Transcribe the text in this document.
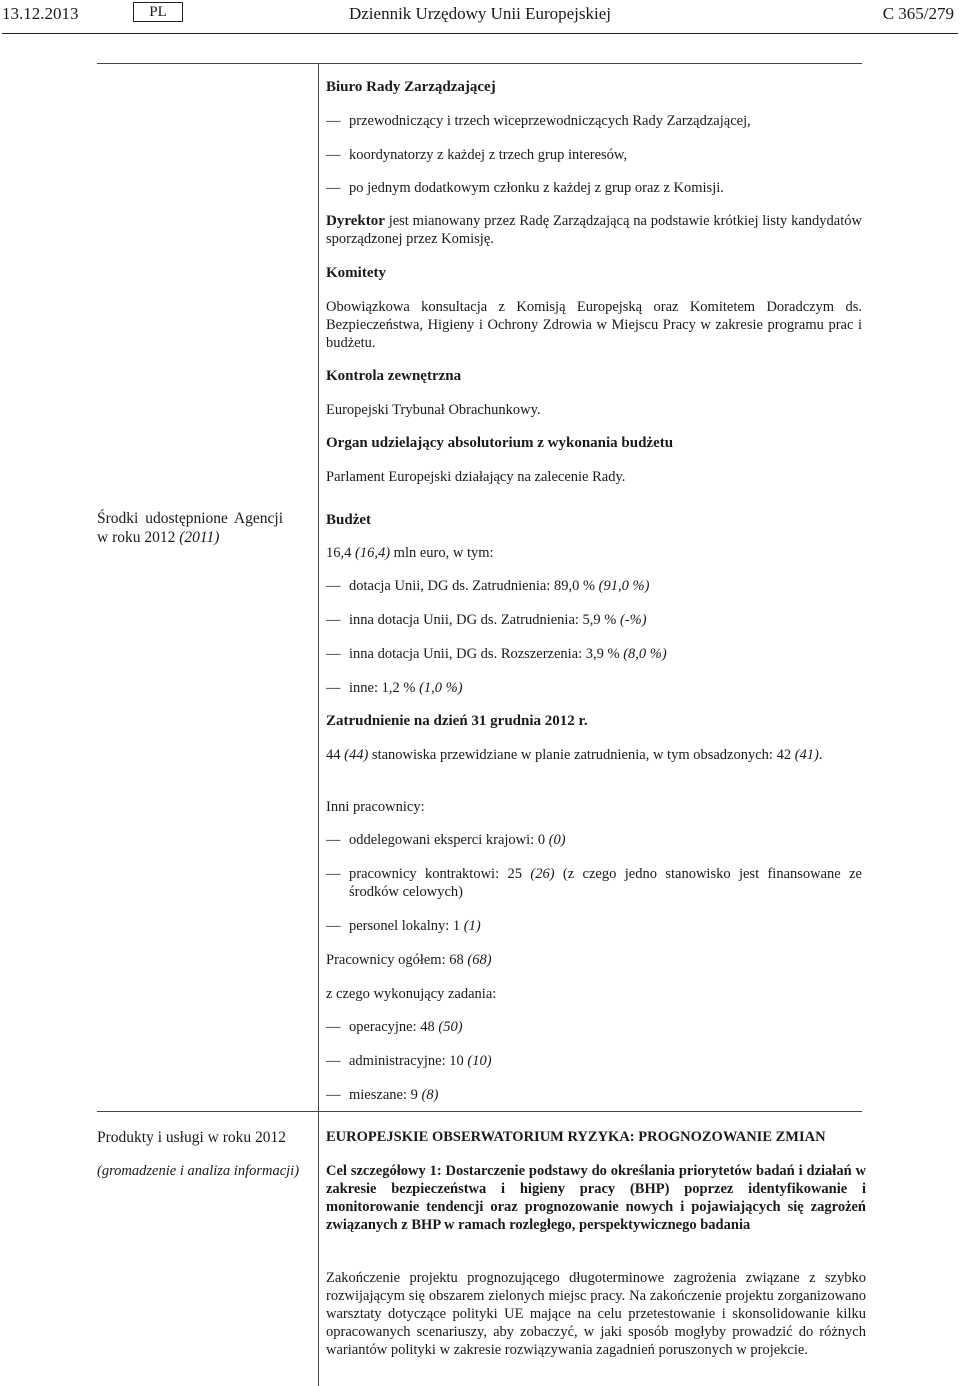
Dziennik Urzędowy Unii Europejskiej
13.12.2013	PL	C 365/279
Biuro Rady Zarządzającej
— przewodniczący i trzech wiceprzewodniczących Rady Zarządzającej,
— koordynatorzy z każdej z trzech grup interesów,
— po jednym dodatkowym członku z każdej z grup oraz z Komisji.
Dyrektor jest mianowany przez Radę Zarządzającą na podstawie krótkiej listy kandydatów sporządzonej przez Komisję.
Komitety
Obowiązkowa konsultacja z Komisją Europejską oraz Komitetem Doradczym ds. Bezpieczeństwa, Higieny i Ochrony Zdrowia w Miejscu Pracy w zakresie programu prac i budżetu.
Kontrola zewnętrzna
Europejski Trybunał Obrachunkowy.
Organ udzielający absolutorium z wykonania budżetu
Parlament Europejski działający na zalecenie Rady.
Środki udostępnione Agencji
w roku 2012 (2011)
Budżet
16,4 (16,4) mln euro, w tym:
— dotacja Unii, DG ds. Zatrudnienia: 89,0 % (91,0 %)
— inna dotacja Unii, DG ds. Zatrudnienia: 5,9 % (-%)
— inna dotacja Unii, DG ds. Rozszerzenia: 3,9 % (8,0 %)
— inne: 1,2 % (1,0 %)
Zatrudnienie na dzień 31 grudnia 2012 r.
44 (44) stanowiska przewidziane w planie zatrudnienia, w tym obsadzonych: 42 (41).
Inni pracownicy:
— oddelegowani eksperci krajowi: 0 (0)
— pracownicy kontraktowi: 25 (26) (z czego jedno stanowisko jest finansowane ze środków celowych)
— personel lokalny: 1 (1)
Pracownicy ogółem: 68 (68)
z czego wykonujący zadania:
— operacyjne: 48 (50)
— administracyjne: 10 (10)
— mieszane: 9 (8)
Produkty i usługi w roku 2012
(gromadzenie i analiza informacji)
EUROPEJSKIE OBSERWATORIUM RYZYKA: PROGNOZOWANIE ZMIAN
Cel szczegółowy 1: Dostarczenie podstawy do określania priorytetów badań i działań w zakresie bezpieczeństwa i higieny pracy (BHP) poprzez identyfikowanie i monitorowanie tendencji oraz prognozowanie nowych i pojawiających się zagrożeń związanych z BHP w ramach rozległego, perspektywicznego badania
Zakończenie projektu prognozującego długoterminowe zagrożenia związane z szybko rozwijającym się obszarem zielonych miejsc pracy. Na zakończenie projektu zorganizowano warsztaty dotyczące polityki UE mające na celu przetestowanie i skonsolidowanie kilku opracowanych scenariuszy, aby zobaczyć, w jaki sposób mogłyby prowadzić do różnych wariantów polityki w zakresie rozwiązywania zagadnień poruszonych w projekcie.
